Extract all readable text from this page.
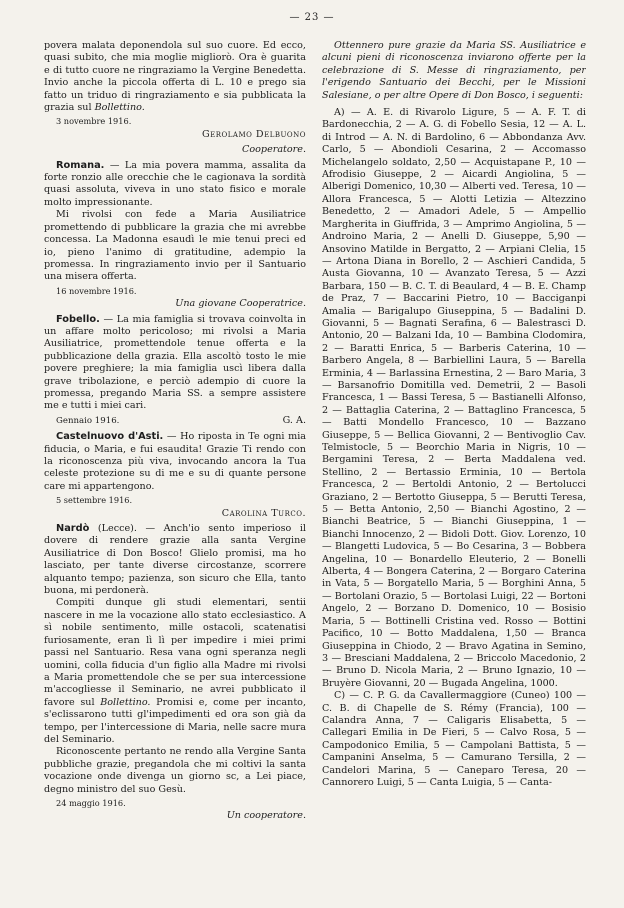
— 23 —

povera malata deponendola sul suo cuore. Ed ecco, quasi subito, che mia moglie migliorò. Ora è guarita e di tutto cuore ne ringraziamo la Vergine Benedetta. Invio anche la piccola offerta di L. 10 e prego sia fatto un triduo di ringraziamento e sia pubblicata la grazia sul Bollettino.

3 novembre 1916.
Gerolamo Delbuono
Cooperatore.

Romana. — La mia povera mamma, assalita da forte ronzio alle orecchie che le cagionava la sordità quasi assoluta, viveva in uno stato fisico e morale molto impressionante.

Mi rivolsi con fede a Maria Ausiliatrice promettendo di pubblicare la grazia che mi avrebbe concessa. La Madonna esaudì le mie tenui preci ed io, pieno l'animo di gratitudine, adempio la promessa. In ringraziamento invio per il Santuario una misera offerta.

16 novembre 1916.
Una giovane Cooperatrice.

Fobello. — La mia famiglia si trovava coinvolta in un affare molto pericoloso; mi rivolsi a Maria Ausiliatrice, promettendole tenue offerta e la pubblicazione della grazia. Ella ascoltò tosto le mie povere preghiere; la mia famiglia uscì libera dalla grave tribolazione, e perciò adempio di cuore la promessa, pregando Maria SS. a sempre assistere me e tutti i miei cari.

Gennaio 1916.	G. A.

Castelnuovo d'Asti. — Ho riposta in Te ogni mia fiducia, o Maria, e fui esaudita! Grazie Ti rendo con la riconoscenza più viva, invocando ancora la Tua celeste protezione su di me e su di quante persone care mi appartengono.

5 settembre 1916.
Carolina Turco.

Nardò (Lecce). — Anch'io sento imperioso il dovere di rendere grazie alla santa Vergine Ausiliatrice di Don Bosco! Glielo promisi, ma ho lasciato, per tante diverse circostanze, scorrere alquanto tempo; pazienza, son sicuro che Ella, tanto buona, mi perdonerà.

Compiti dunque gli studi elementari, sentii nascere in me la vocazione allo stato ecclesiastico. A sì nobile sentimento, mille ostacoli, scatenatisi furiosamente, eran lì lì per impedire i miei primi passi nel Santuario. Resa vana ogni speranza negli uomini, colla fiducia d'un figlio alla Madre mi rivolsi a Maria promettendole che se per sua intercessione m'accogliesse il Seminario, ne avrei pubblicato il favore sul Bollettino. Promisi e, come per incanto, s'eclissarono tutti gl'impedimenti ed ora son già da tempo, per l'intercessione di Maria, nelle sacre mura del Seminario.

Riconoscente pertanto ne rendo alla Vergine Santa pubbliche grazie, pregandola che mi coltivi la santa vocazione onde divenga un giorno sc, a Lei piace, degno ministro del suo Gesù.

24 maggio 1916.
Un cooperatore.

Ottennero pure grazie da Maria SS. Ausiliatrice e alcuni pieni di riconoscenza inviarono offerte per la celebrazione di S. Messe di ringraziamento, per l'erigendo Santuario dei Becchi, per le Missioni Salesiane, o per altre Opere di Don Bosco, i seguenti:

A) — A. E. di Rivarolo Ligure, 5 — A. F. T. di Bardonecchia, 2 — A. G. di Fobello Sesia, 12 — A. L. di Introd — A. N. di Bardolino, 6 — Abbondanza Avv. Carlo, 5 — Abondioli Cesarina, 2 — Accomasso Michelangelo soldato, 2,50 — Acquistapane P., 10 — Afrodisio Giuseppe, 2 — Aicardi Angiolina, 5 — Alberigi Domenico, 10,30 — Alberti ved. Teresa, 10 — Allora Francesca, 5 — Alotti Letizia — Altezzino Benedetto, 2 — Amadori Adele, 5 — Ampellio Margherita in Giuffrida, 3 — Amprimo Angiolina, 5 — Androino Maria, 2 — Anelli D. Giuseppe, 5,90 — Ansovino Matilde in Bergatto, 2 — Arpiani Clelia, 15 — Artona Diana in Borello, 2 — Aschieri Candida, 5 Austa Giovanna, 10 — Avanzato Teresa, 5 — Azzi Barbara, 150 — B. C. T. di Beaulard, 4 — B. E. Champ de Praz, 7 — Baccarini Pietro, 10 — Bacciganpi Amalia — Barigalupo Giuseppina, 5 — Badalini D. Giovanni, 5 — Bagnati Serafina, 6 — Balestrasci D. Antonio, 20 — Balzani Ida, 10 — Bambina Clodomira, 2 — Baratti Enrica, 5 — Barberis Caterina, 10 — Barbero Angela, 8 — Barbiellini Laura, 5 — Barella Erminia, 4 — Barlassina Ernestina, 2 — Baro Maria, 3 — Barsanofrio Domitilla ved. Demetrii, 2 — Basoli Francesca, 1 — Bassi Teresa, 5 — Bastianelli Alfonso, 2 — Battaglia Caterina, 2 — Battaglino Francesca, 5 — Batti Mondello Francesco, 10 — Bazzano Giuseppe, 5 — Bellica Giovanni, 2 — Bentivoglio Cav. Telmistocle, 5 — Beorchio Maria in Nigris, 10 — Bergamini Teresa, 2 — Berta Maddalena ved. Stellino, 2 — Bertassio Erminia, 10 — Bertola Francesca, 2 — Bertoldi Antonio, 2 — Bertolucci Graziano, 2 — Bertotto Giuseppa, 5 — Berutti Teresa, 5 — Betta Antonio, 2,50 — Bianchi Agostino, 2 — Bianchi Beatrice, 5 — Bianchi Giuseppina, 1 — Bianchi Innocenzo, 2 — Bidoli Dott. Giov. Lorenzo, 10 — Blangetti Ludovica, 5 — Bo Cesarina, 3 — Bobbera Angelina, 10 — Bonardello Eleuterio, 2 — Bonelli Alberta, 4 — Bongera Caterina, 2 — Borgaro Caterina in Vata, 5 — Borgatello Maria, 5 — Borghini Anna, 5 — Bortolani Orazio, 5 — Bortolasi Luigi, 22 — Bortoni Angelo, 2 — Borzano D. Domenico, 10 — Bosisio Maria, 5 — Bottinelli Cristina ved. Rosso — Bottini Pacifico, 10 — Botto Maddalena, 1,50 — Branca Giuseppina in Chiodo, 2 — Bravo Agatina in Semino, 3 — Bresciani Maddalena, 2 — Briccolo Macedonio, 2 — Bruno D. Nicola Maria, 2 — Bruno Ignazio, 10 — Bruyère Giovanni, 20 — Bugada Angelina, 1000.

C) — C. P. G. da Cavallermaggiore (Cuneo) 100 — C. B. di Chapelle de S. Rémy (Francia), 100 — Calandra Anna, 7 — Caligaris Elisabetta, 5 — Callegari Emilia in De Fieri, 5 — Calvo Rosa, 5 — Campodonico Emilia, 5 — Campolani Battista, 5 — Campanini Anselma, 5 — Camurano Tersilla, 2 — Candelori Marina, 5 — Caneparo Teresa, 20 — Cannorero Luigi, 5 — Canta Luigia, 5 — Canta-
